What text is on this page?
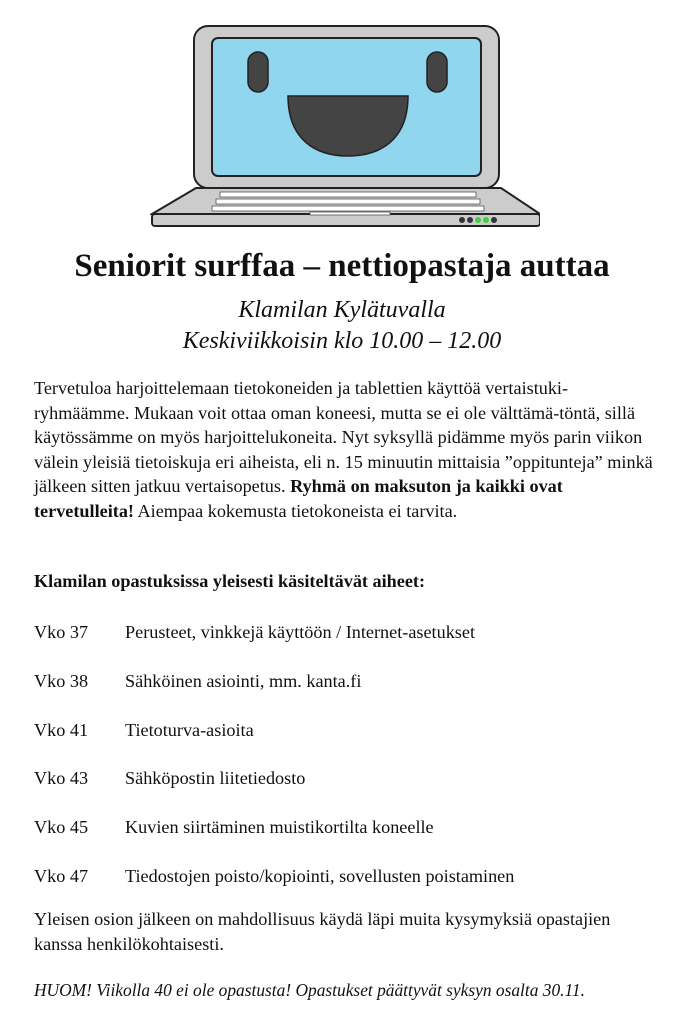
Seniorit surffaa – nettiopastaja auttaa

Klamilan Kylätuvalla

Keskiviikkoisin klo 10.00 – 12.00

Tervetuloa harjoittelemaan tietokoneiden ja tablettien käyttöä vertaistuki-ryhmäämme. Mukaan voit ottaa oman koneesi, mutta se ei ole välttämä-töntä, sillä käytössämme on myös harjoittelukoneita. Nyt syksyllä pidämme myös parin viikon välein yleisiä tietoiskuja eri aiheista, eli n. 15 minuutin mittaisia ”oppitunteja” minkä jälkeen sitten jatkuu vertaisopetus. Ryhmä on maksuton ja kaikki ovat tervetulleita! Aiempaa kokemusta tietokoneista ei tarvita.

Klamilan opastuksissa yleisesti käsiteltävät aiheet:

Vko 37	Perusteet, vinkkejä käyttöön / Internet-asetukset
Vko 38	Sähköinen asiointi, mm. kanta.fi
Vko 41	Tietoturva-asioita
Vko 43	Sähköpostin liitetiedosto
Vko 45	Kuvien siirtäminen muistikortilta koneelle
Vko 47	Tiedostojen poisto/kopiointi, sovellusten poistaminen

Yleisen osion jälkeen on mahdollisuus käydä läpi muita kysymyksiä opastajien kanssa henkilökohtaisesti.

HUOM! Viikolla 40 ei ole opastusta! Opastukset päättyvät syksyn osalta 30.11.
